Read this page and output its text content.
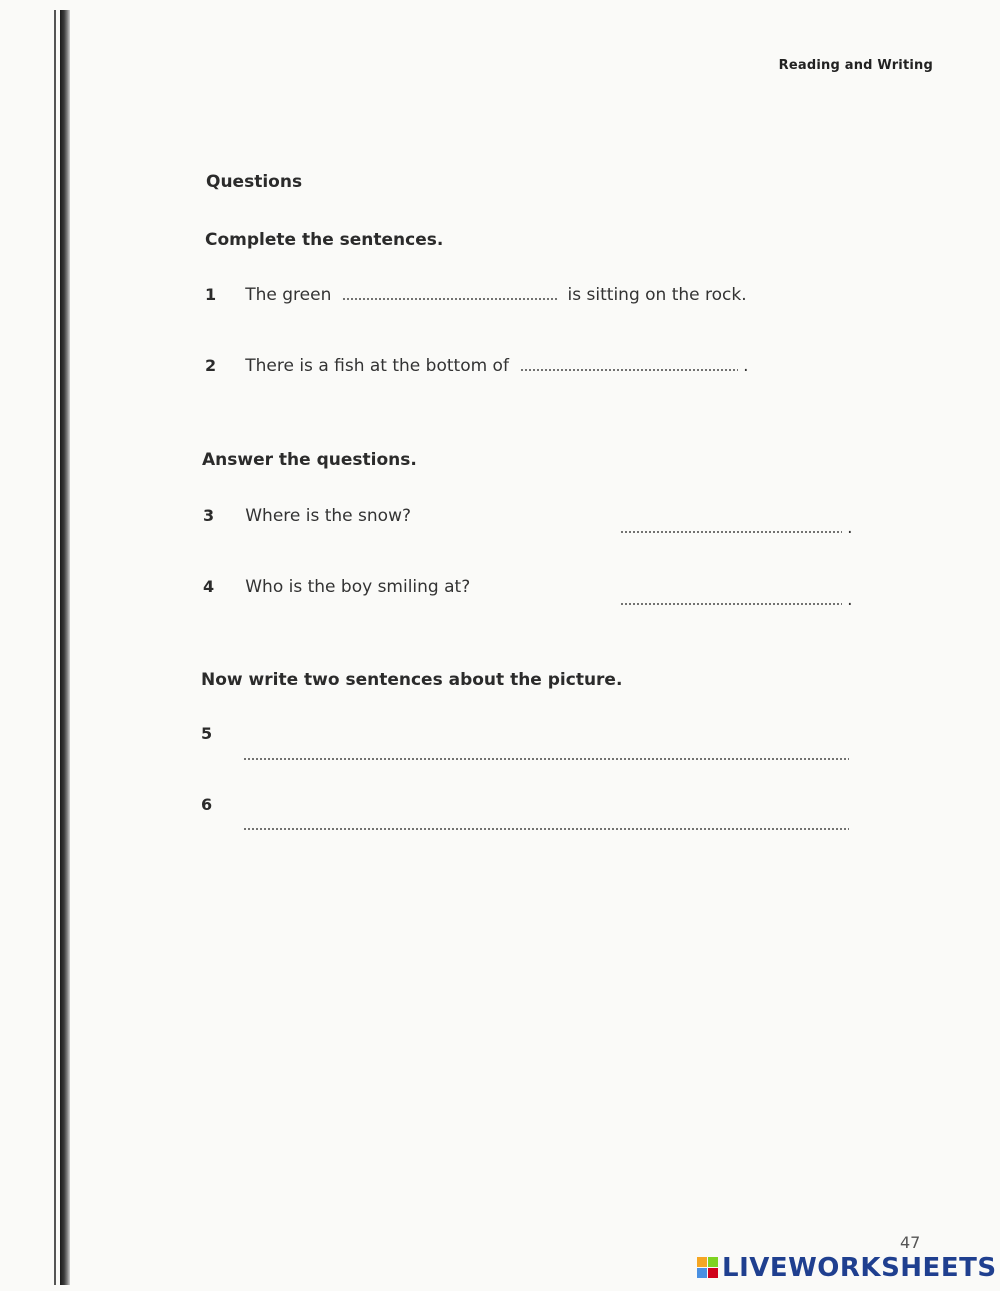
Reading and Writing
Questions
Complete the sentences.
1 The green	is sitting on the rock.
2 There is a fish at the bottom of	.
Answer the questions.
3 Where is the snow?
.
4 Who is the boy smiling at?
.
Now write two sentences about the picture.
5
6
47
LIVEWORKSHEETS
